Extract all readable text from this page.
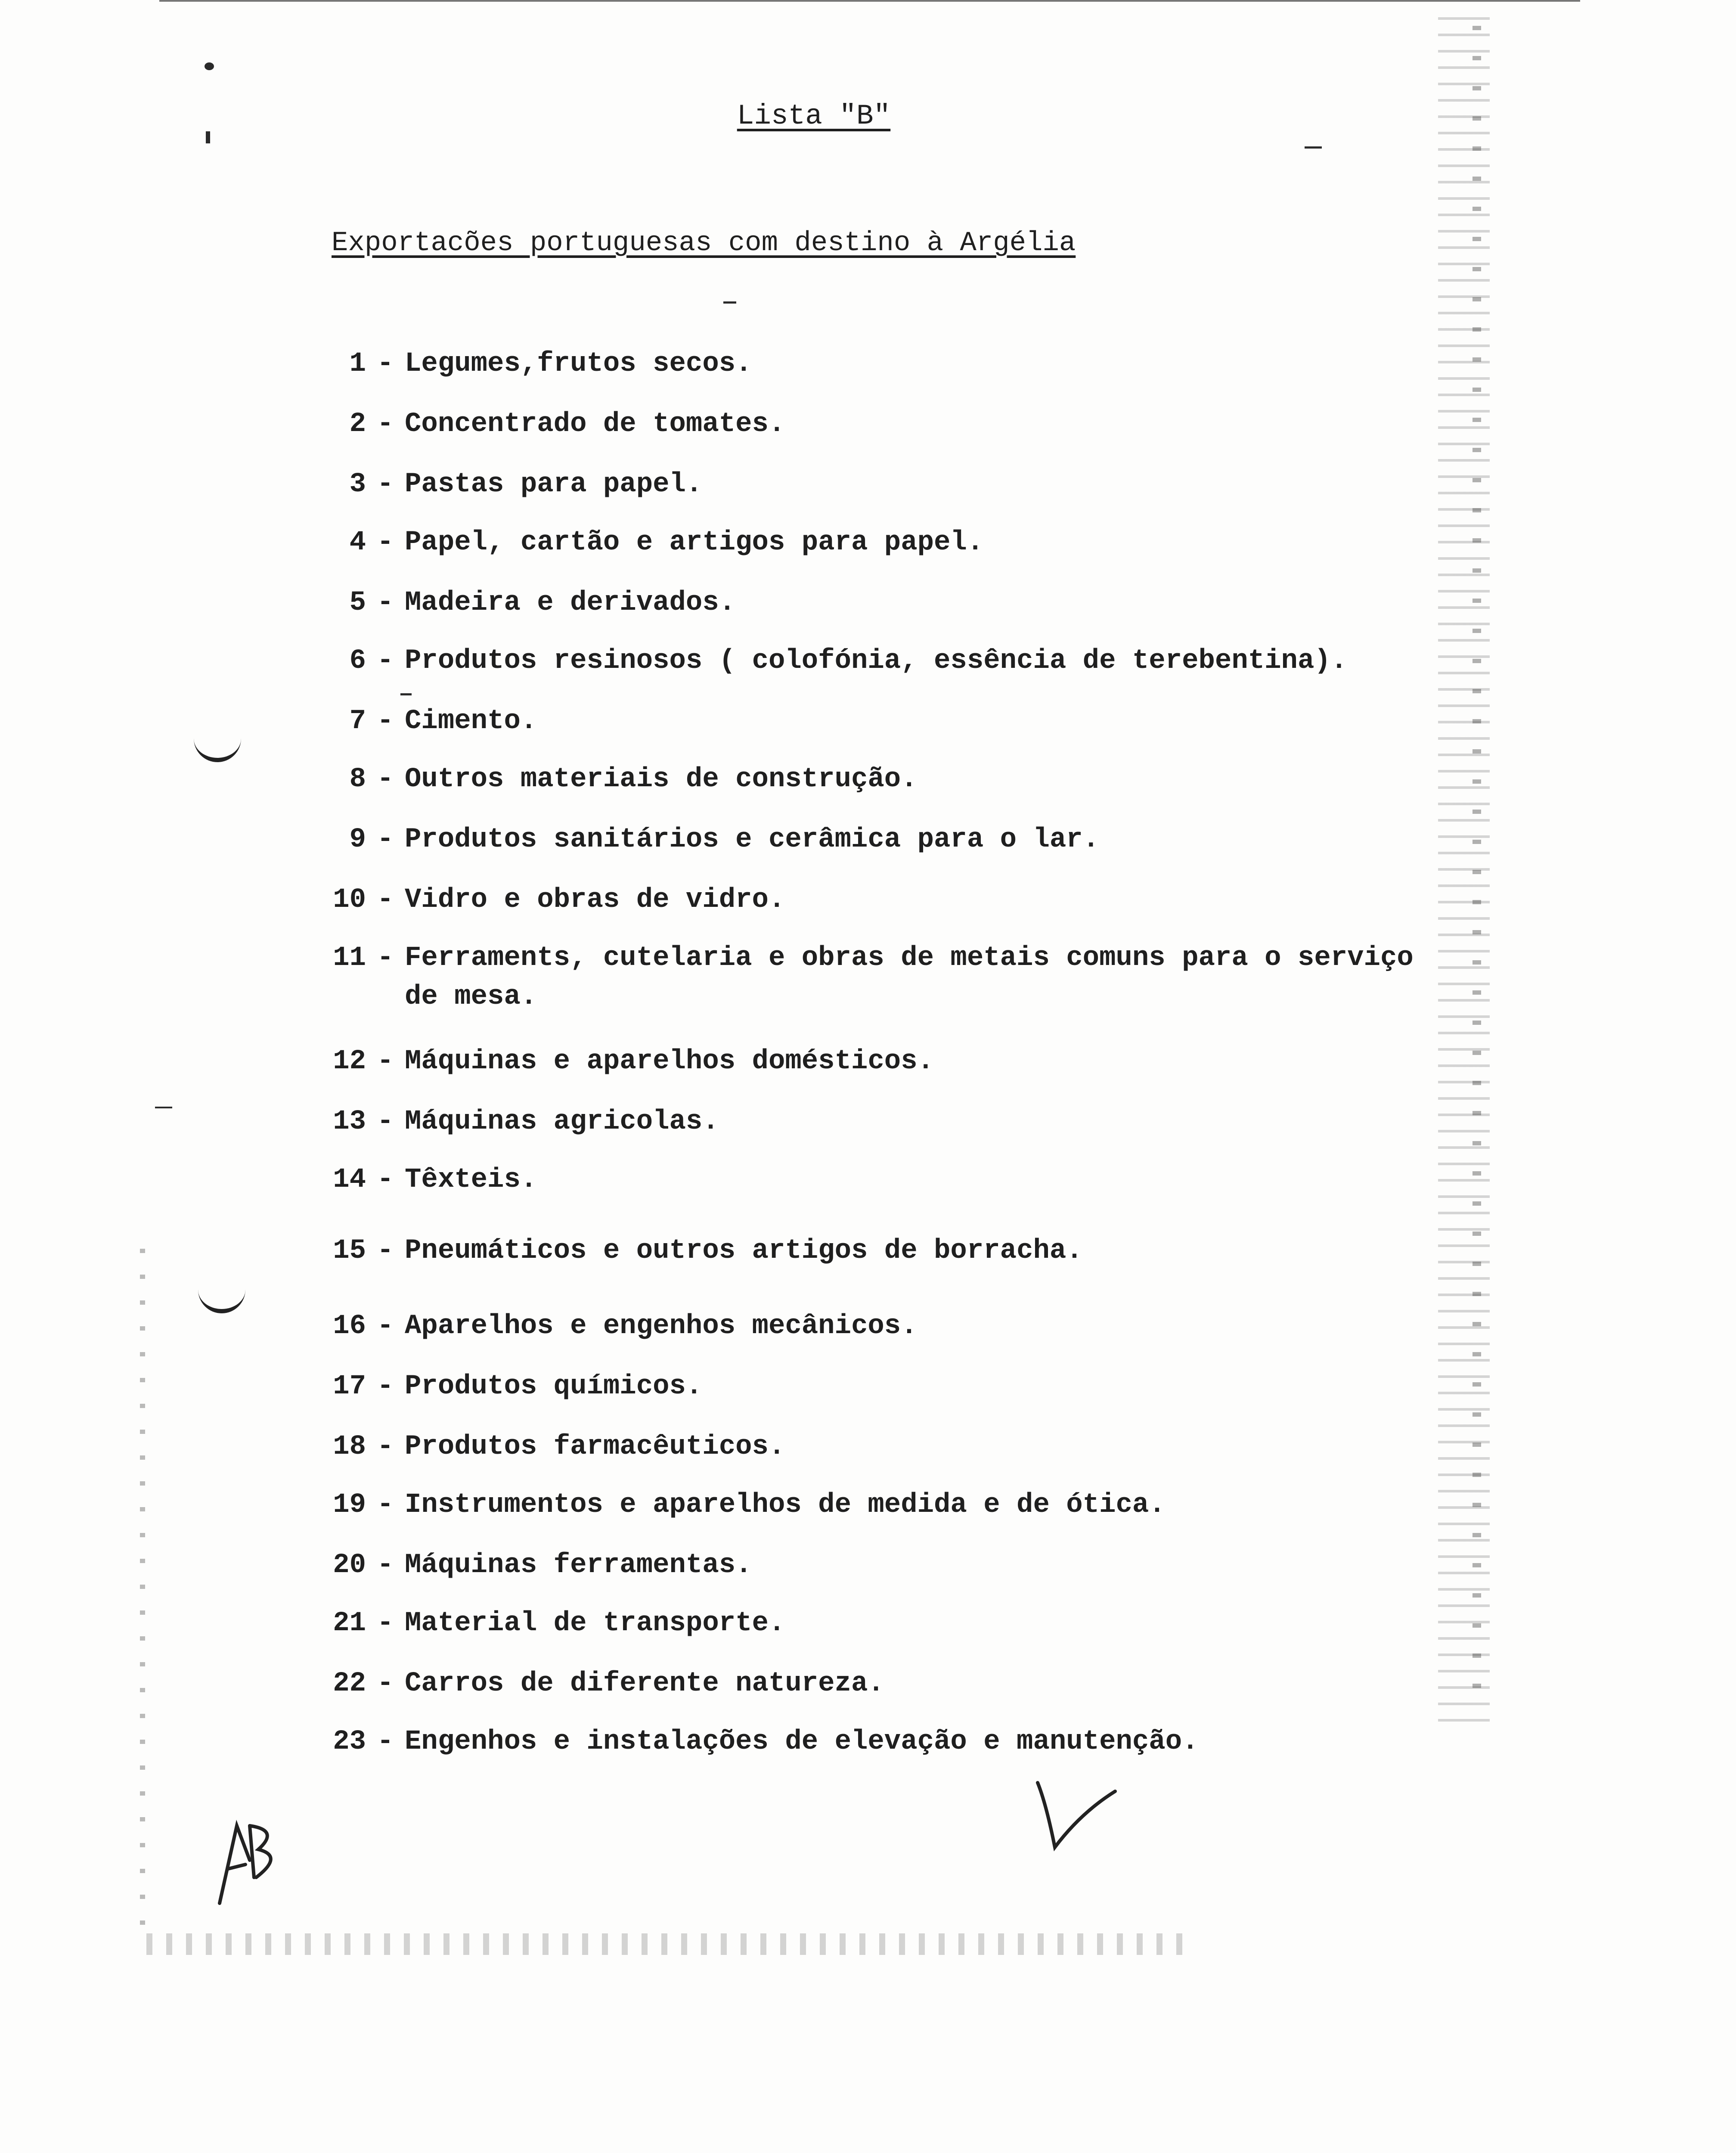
Lista "B"
Exportacões portuguesas com destino à Argélia
1 - Legumes,frutos secos.
2 - Concentrado de tomates.
3 - Pastas para papel.
4 - Papel, cartão e artigos para papel.
5 - Madeira e derivados.
6 - Produtos resinosos ( colofónia, essência de terebentina).
7 - Cimento.
8 - Outros materiais de construção.
9 - Produtos sanitários e cerâmica para o lar.
10 - Vidro e obras de vidro.
11 - Ferraments, cutelaria e obras de metais comuns para o serviço de mesa.
12 - Máquinas e aparelhos domésticos.
13 - Máquinas agricolas.
14 - Têxteis.
15 - Pneumáticos e outros artigos de borracha.
16 - Aparelhos e engenhos mecânicos.
17 - Produtos químicos.
18 - Produtos farmacêuticos.
19 - Instrumentos e aparelhos de medida e de ótica.
20 - Máquinas ferramentas.
21 - Material de transporte.
22 - Carros de diferente natureza.
23 - Engenhos e instalações de elevação e manutenção.
